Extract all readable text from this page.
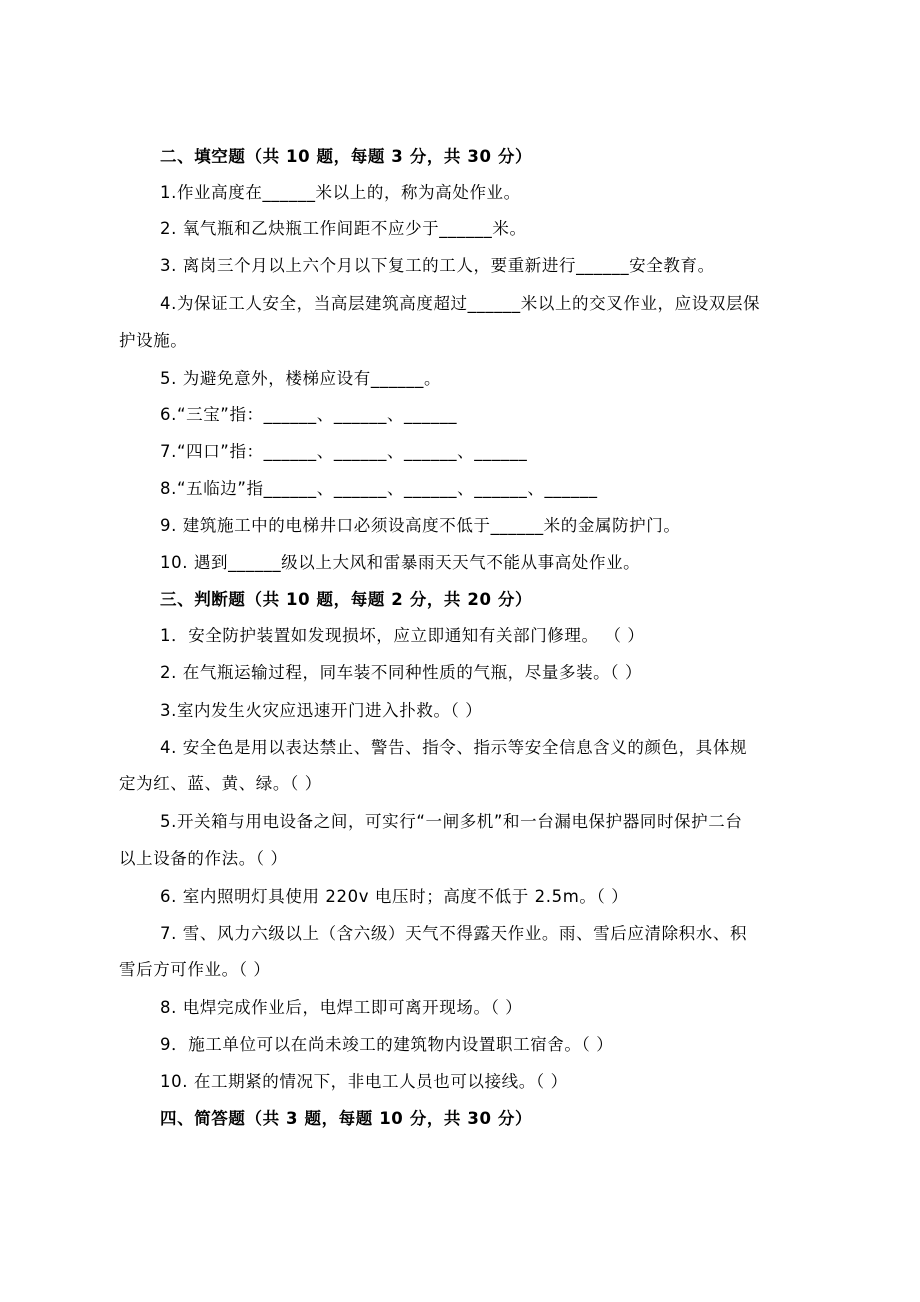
二、填空题（共 10 题，每题 3 分，共 30 分）
1.作业高度在______米以上的，称为高处作业。
2. 氧气瓶和乙炔瓶工作间距不应少于______米。
3. 离岗三个月以上六个月以下复工的工人，要重新进行______安全教育。
4.为保证工人安全，当高层建筑高度超过______米以上的交叉作业，应设双层保
护设施。
5. 为避免意外，楼梯应设有______。
6.“三宝”指：______、______、______
7.“四口”指：______、______、______、______
8.“五临边”指______、______、______、______、______
9. 建筑施工中的电梯井口必须设高度不低于______米的金属防护门。
10. 遇到______级以上大风和雷暴雨天天气不能从事高处作业。
三、判断题（共 10 题，每题 2 分，共 20 分）
1．安全防护装置如发现损坏，应立即通知有关部门修理。 （ ）
2. 在气瓶运输过程，同车装不同种性质的气瓶，尽量多装。（ ）
3.室内发生火灾应迅速开门进入扑救。（ ）
4. 安全色是用以表达禁止、警告、指令、指示等安全信息含义的颜色，具体规
定为红、蓝、黄、绿。（ ）
5.开关箱与用电设备之间，可实行“一闸多机”和一台漏电保护器同时保护二台
以上设备的作法。（ ）
6. 室内照明灯具使用 220v 电压时；高度不低于 2.5m。（ ）
7. 雪、风力六级以上（含六级）天气不得露天作业。雨、雪后应清除积水、积
雪后方可作业。（ ）
8. 电焊完成作业后，电焊工即可离开现场。（ ）
9．施工单位可以在尚未竣工的建筑物内设置职工宿舍。（ ）
10. 在工期紧的情况下，非电工人员也可以接线。（ ）
四、简答题（共 3 题，每题 10 分，共 30 分）
